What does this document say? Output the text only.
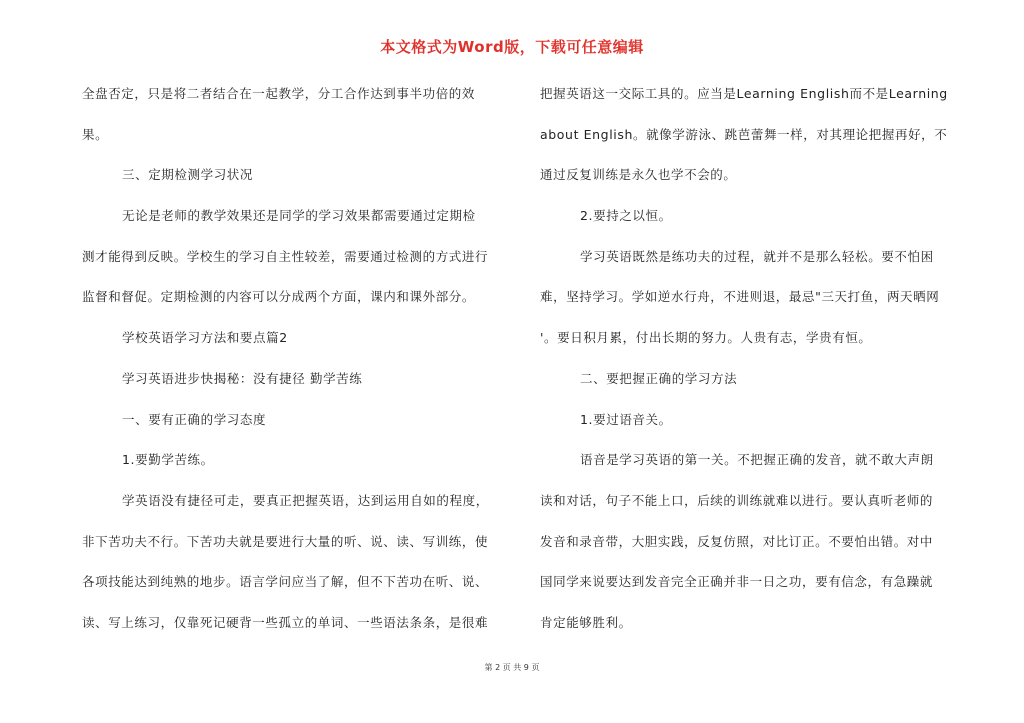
本文格式为Word版，下载可任意编辑
全盘否定，只是将二者结合在一起教学，分工合作达到事半功倍的效
果。
三、定期检测学习状况
无论是老师的教学效果还是同学的学习效果都需要通过定期检
测才能得到反映。学校生的学习自主性较差，需要通过检测的方式进行
监督和督促。定期检测的内容可以分成两个方面，课内和课外部分。
学校英语学习方法和要点篇2
学习英语进步快揭秘：没有捷径 勤学苦练
一、要有正确的学习态度
1.要勤学苦练。
学英语没有捷径可走，要真正把握英语，达到运用自如的程度，
非下苦功夫不行。下苦功夫就是要进行大量的听、说、读、写训练，使
各项技能达到纯熟的地步。语言学问应当了解，但不下苦功在听、说、
读、写上练习，仅靠死记硬背一些孤立的单词、一些语法条条，是很难
把握英语这一交际工具的。应当是Learning English而不是Learning
about English。就像学游泳、跳芭蕾舞一样，对其理论把握再好，不
通过反复训练是永久也学不会的。
2.要持之以恒。
学习英语既然是练功夫的过程，就并不是那么轻松。要不怕困
难，坚持学习。学如逆水行舟，不进则退，最忌"三天打鱼，两天晒网
'。要日积月累，付出长期的努力。人贵有志，学贵有恒。
二、要把握正确的学习方法
1.要过语音关。
语音是学习英语的第一关。不把握正确的发音，就不敢大声朗
读和对话，句子不能上口，后续的训练就难以进行。要认真听老师的
发音和录音带，大胆实践，反复仿照，对比订正。不要怕出错。对中
国同学来说要达到发音完全正确并非一日之功，要有信念，有急躁就
肯定能够胜利。
第 2 页 共 9 页
